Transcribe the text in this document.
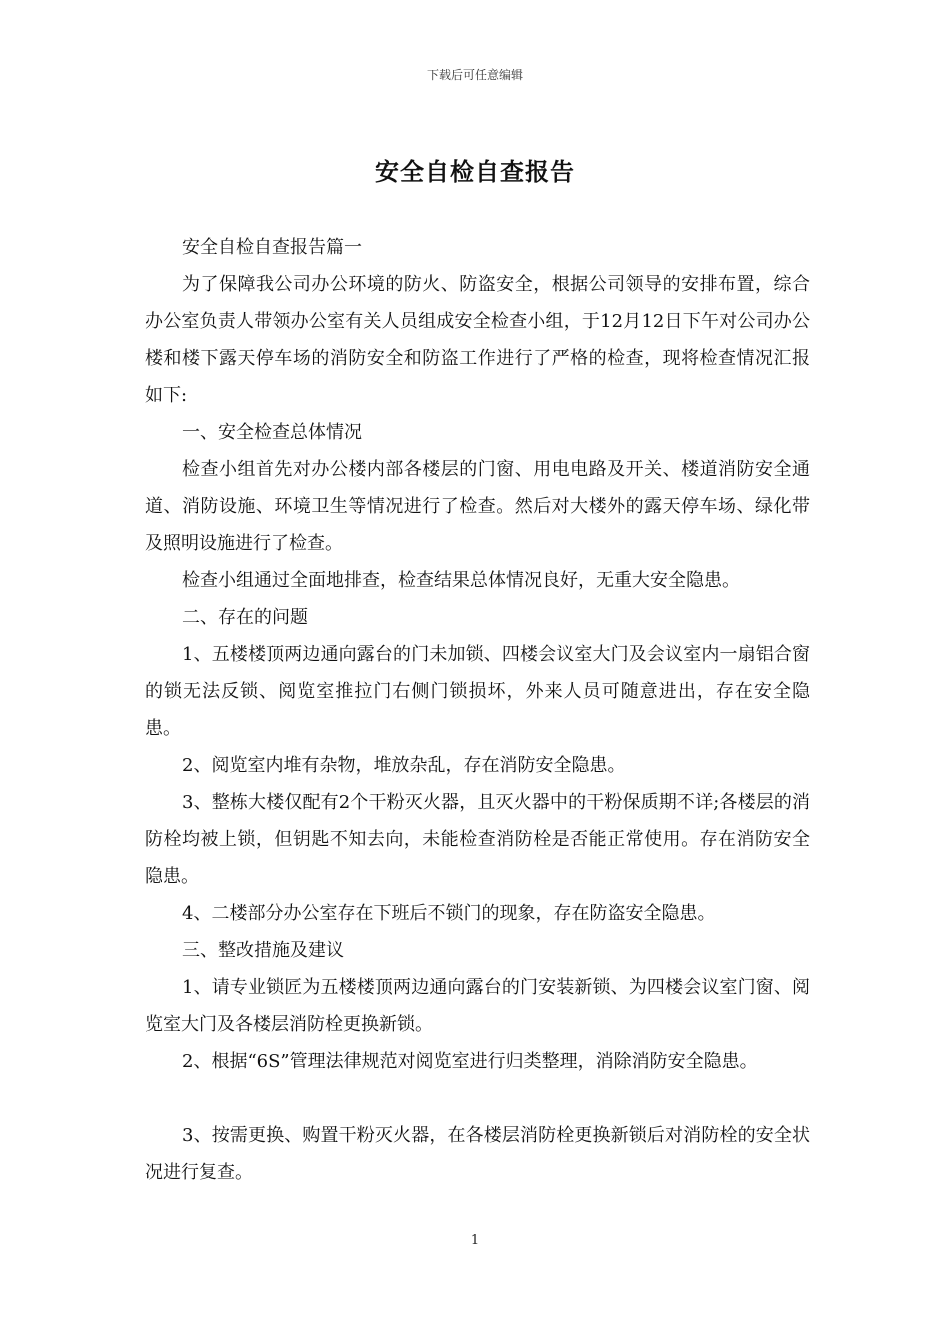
下载后可任意编辑
安全自检自查报告

安全自检自查报告篇一

为了保障我公司办公环境的防火、防盗安全，根据公司领导的安排布置，综合办公室负责人带领办公室有关人员组成安全检查小组，于12月12日下午对公司办公楼和楼下露天停车场的消防安全和防盗工作进行了严格的检查，现将检查情况汇报如下:

一、安全检查总体情况

检查小组首先对办公楼内部各楼层的门窗、用电电路及开关、楼道消防安全通道、消防设施、环境卫生等情况进行了检查。然后对大楼外的露天停车场、绿化带及照明设施进行了检查。

检查小组通过全面地排查，检查结果总体情况良好，无重大安全隐患。

二、存在的问题

1、五楼楼顶两边通向露台的门未加锁、四楼会议室大门及会议室内一扇铝合窗的锁无法反锁、阅览室推拉门右侧门锁损坏，外来人员可随意进出，存在安全隐患。

2、阅览室内堆有杂物，堆放杂乱，存在消防安全隐患。

3、整栋大楼仅配有2个干粉灭火器，且灭火器中的干粉保质期不详;各楼层的消防栓均被上锁，但钥匙不知去向，未能检查消防栓是否能正常使用。存在消防安全隐患。

4、二楼部分办公室存在下班后不锁门的现象，存在防盗安全隐患。

三、整改措施及建议

1、请专业锁匠为五楼楼顶两边通向露台的门安装新锁、为四楼会议室门窗、阅览室大门及各楼层消防栓更换新锁。

2、根据“6S”管理法律规范对阅览室进行归类整理，消除消防安全隐患。

3、按需更换、购置干粉灭火器，在各楼层消防栓更换新锁后对消防栓的安全状况进行复查。

1
